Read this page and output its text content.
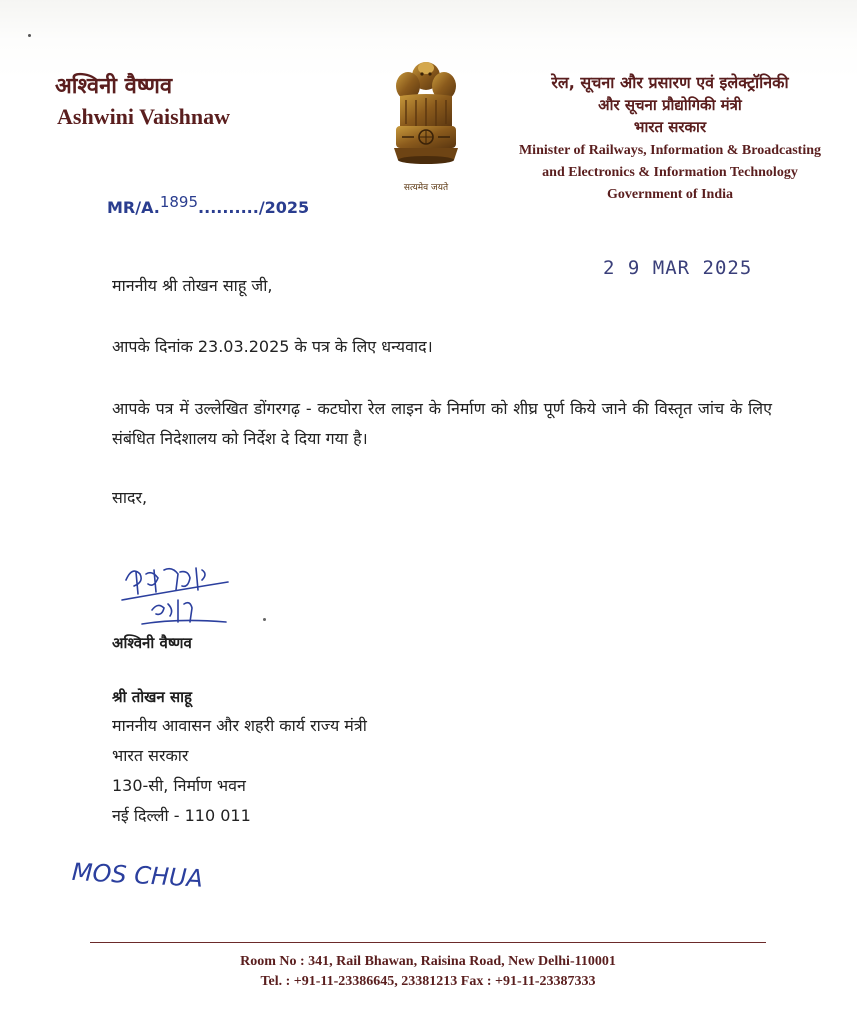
अश्विनी वैष्णव
Ashwini Vaishnaw
सत्यमेव जयते
रेल, सूचना और प्रसारण एवं इलेक्ट्रॉनिकी
और सूचना प्रौद्योगिकी मंत्री
भारत सरकार
Minister of Railways, Information & Broadcasting
and Electronics & Information Technology
Government of India
MR/A.1895........../2025
2 9 MAR 2025
माननीय श्री तोखन साहू जी,
आपके दिनांक 23.03.2025 के पत्र के लिए धन्यवाद।
आपके पत्र में उल्लेखित डोंगरगढ़ - कटघोरा रेल लाइन के निर्माण को शीघ्र पूर्ण किये जाने की विस्तृत जांच के लिए संबंधित निदेशालय को निर्देश दे दिया गया है।
सादर,
अश्विनी वैष्णव
श्री तोखन साहू
माननीय आवासन और शहरी कार्य राज्य मंत्री
भारत सरकार
130-सी, निर्माण भवन
नई दिल्ली - 110 011
MOS CHUA
Room No : 341, Rail Bhawan, Raisina Road, New Delhi-110001
Tel. : +91-11-23386645, 23381213 Fax : +91-11-23387333
